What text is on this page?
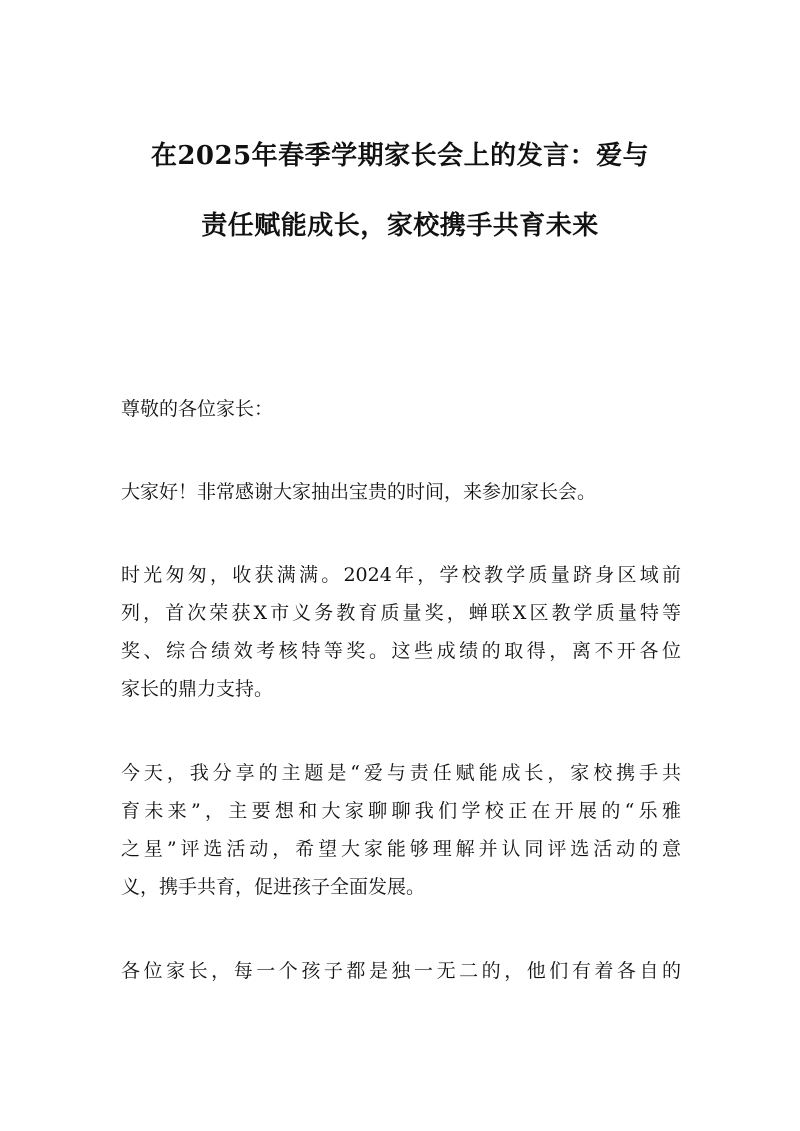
在2025年春季学期家长会上的发言：爱与
责任赋能成长，家校携手共育未来

尊敬的各位家长：

大家好！非常感谢大家抽出宝贵的时间，来参加家长会。

时光匆匆，收获满满。2024年，学校教学质量跻身区域前

列，首次荣获X市义务教育质量奖，蝉联X区教学质量特等

奖、综合绩效考核特等奖。这些成绩的取得，离不开各位

家长的鼎力支持。

今天，我分享的主题是“爱与责任赋能成长，家校携手共

育未来”，主要想和大家聊聊我们学校正在开展的“乐雅

之星”评选活动，希望大家能够理解并认同评选活动的意

义，携手共育，促进孩子全面发展。

各位家长，每一个孩子都是独一无二的，他们有着各自的
